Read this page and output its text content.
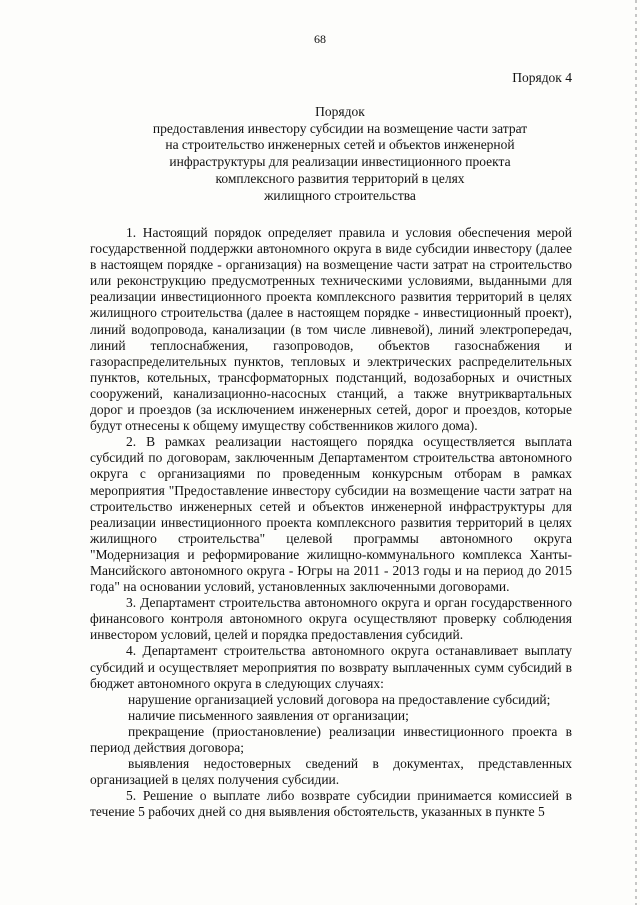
68
Порядок 4
Порядок
предоставления инвестору субсидии на возмещение части затрат
на строительство инженерных сетей и объектов инженерной
инфраструктуры для реализации инвестиционного проекта
комплексного развития территорий в целях
жилищного строительства

1. Настоящий порядок определяет правила и условия обеспечения мерой государственной поддержки автономного округа в виде субсидии инвестору (далее в настоящем порядке - организация) на возмещение части затрат на строительство или реконструкцию предусмотренных техническими условиями, выданными для реализации инвестиционного проекта комплексного развития территорий в целях жилищного строительства (далее в настоящем порядке - инвестиционный проект), линий водопровода, канализации (в том числе ливневой), линий электропередач, линий теплоснабжения, газопроводов, объектов газоснабжения и газораспределительных пунктов, тепловых и электрических распределительных пунктов, котельных, трансформаторных подстанций, водозаборных и очистных сооружений, канализационно-насосных станций, а также внутриквартальных дорог и проездов (за исключением инженерных сетей, дорог и проездов, которые будут отнесены к общему имуществу собственников жилого дома).

2. В рамках реализации настоящего порядка осуществляется выплата субсидий по договорам, заключенным Департаментом строительства автономного округа с организациями по проведенным конкурсным отборам в рамках мероприятия "Предоставление инвестору субсидии на возмещение части затрат на строительство инженерных сетей и объектов инженерной инфраструктуры для реализации инвестиционного проекта комплексного развития территорий в целях жилищного строительства" целевой программы автономного округа "Модернизация и реформирование жилищно-коммунального комплекса Ханты-Мансийского автономного округа - Югры на 2011 - 2013 годы и на период до 2015 года" на основании условий, установленных заключенными договорами.

3. Департамент строительства автономного округа и орган государственного финансового контроля автономного округа осуществляют проверку соблюдения инвестором условий, целей и порядка предоставления субсидий.

4. Департамент строительства автономного округа останавливает выплату субсидий и осуществляет мероприятия по возврату выплаченных сумм субсидий в бюджет автономного округа в следующих случаях:

нарушение организацией условий договора на предоставление субсидий;

наличие письменного заявления от организации;

прекращение (приостановление) реализации инвестиционного проекта в период действия договора;

выявления недостоверных сведений в документах, представленных организацией в целях получения субсидии.

5. Решение о выплате либо возврате субсидии принимается комиссией в течение 5 рабочих дней со дня выявления обстоятельств, указанных в пункте 5
